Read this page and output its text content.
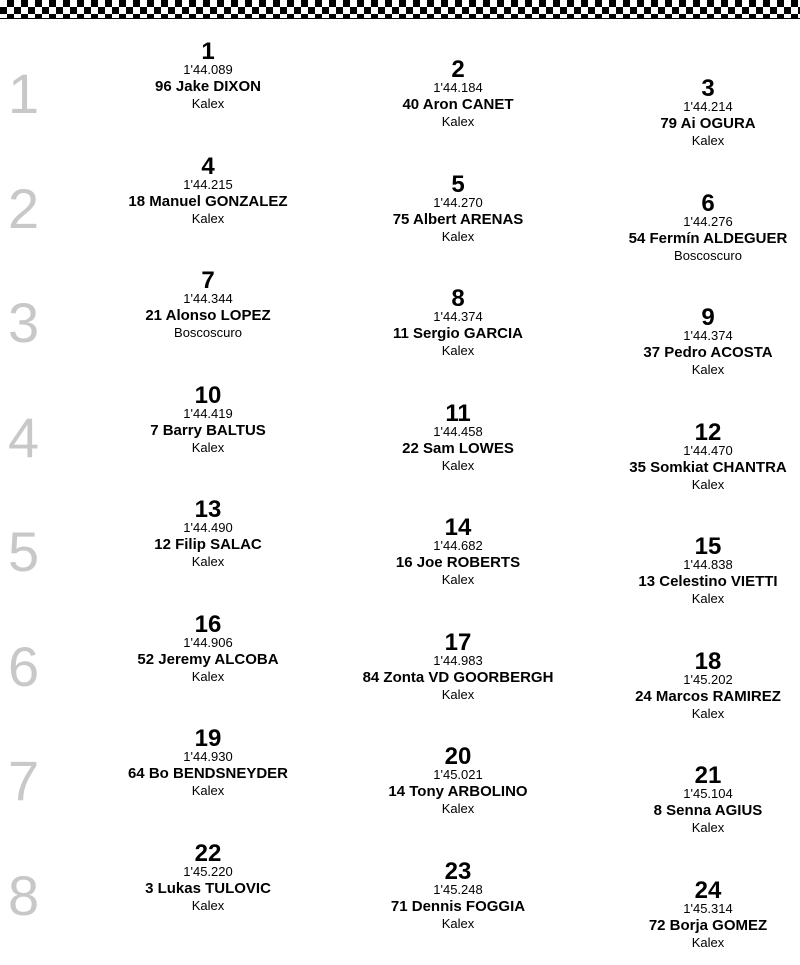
1
2
3
4
5
6
7
8
1
1'44.089
96 Jake DIXON
Kalex
2
1'44.184
40 Aron CANET
Kalex
3
1'44.214
79 Ai OGURA
Kalex
4
1'44.215
18 Manuel GONZALEZ
Kalex
5
1'44.270
75 Albert ARENAS
Kalex
6
1'44.276
54 Fermín ALDEGUER
Boscoscuro
7
1'44.344
21 Alonso LOPEZ
Boscoscuro
8
1'44.374
11 Sergio GARCIA
Kalex
9
1'44.374
37 Pedro ACOSTA
Kalex
10
1'44.419
7 Barry BALTUS
Kalex
11
1'44.458
22 Sam LOWES
Kalex
12
1'44.470
35 Somkiat CHANTRA
Kalex
13
1'44.490
12 Filip SALAC
Kalex
14
1'44.682
16 Joe ROBERTS
Kalex
15
1'44.838
13 Celestino VIETTI
Kalex
16
1'44.906
52 Jeremy ALCOBA
Kalex
17
1'44.983
84 Zonta VD GOORBERGH
Kalex
18
1'45.202
24 Marcos RAMIREZ
Kalex
19
1'44.930
64 Bo BENDSNEYDER
Kalex
20
1'45.021
14 Tony ARBOLINO
Kalex
21
1'45.104
8 Senna AGIUS
Kalex
22
1'45.220
3 Lukas TULOVIC
Kalex
23
1'45.248
71 Dennis FOGGIA
Kalex
24
1'45.314
72 Borja GOMEZ
Kalex
